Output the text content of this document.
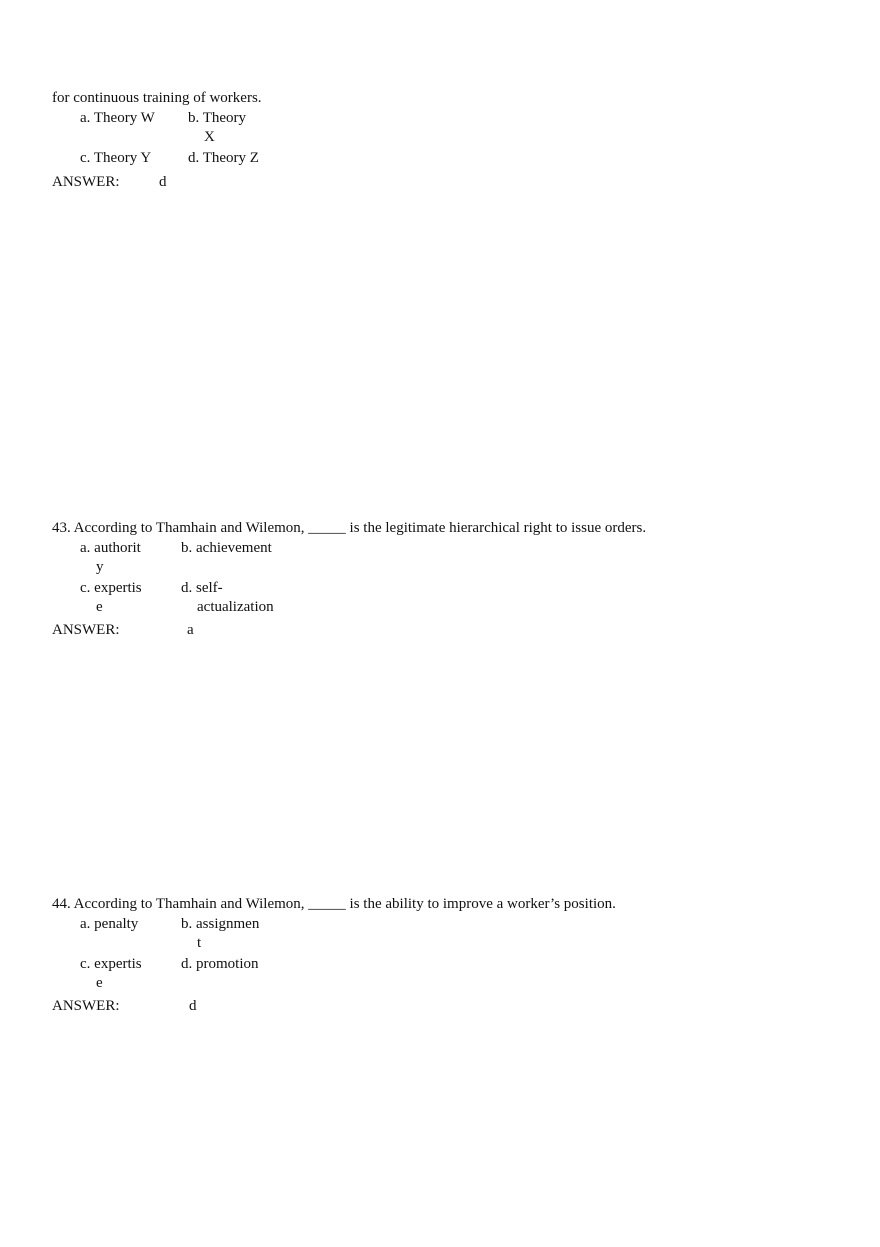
for continuous training of workers.
a. Theory W b. Theory
X
c. Theory Y d. Theory Z
ANSWER:	d
43. According to Thamhain and Wilemon, _____ is the legitimate hierarchical right to issue orders.
a. authorit
y
b. achievement
c. expertis
e
d. self-
actualization
ANSWER:	a
44. According to Thamhain and Wilemon, _____ is the ability to improve a worker’s position.
a. penalty	b. assignmen
t
c. expertis
e
d. promotion
ANSWER:	d
